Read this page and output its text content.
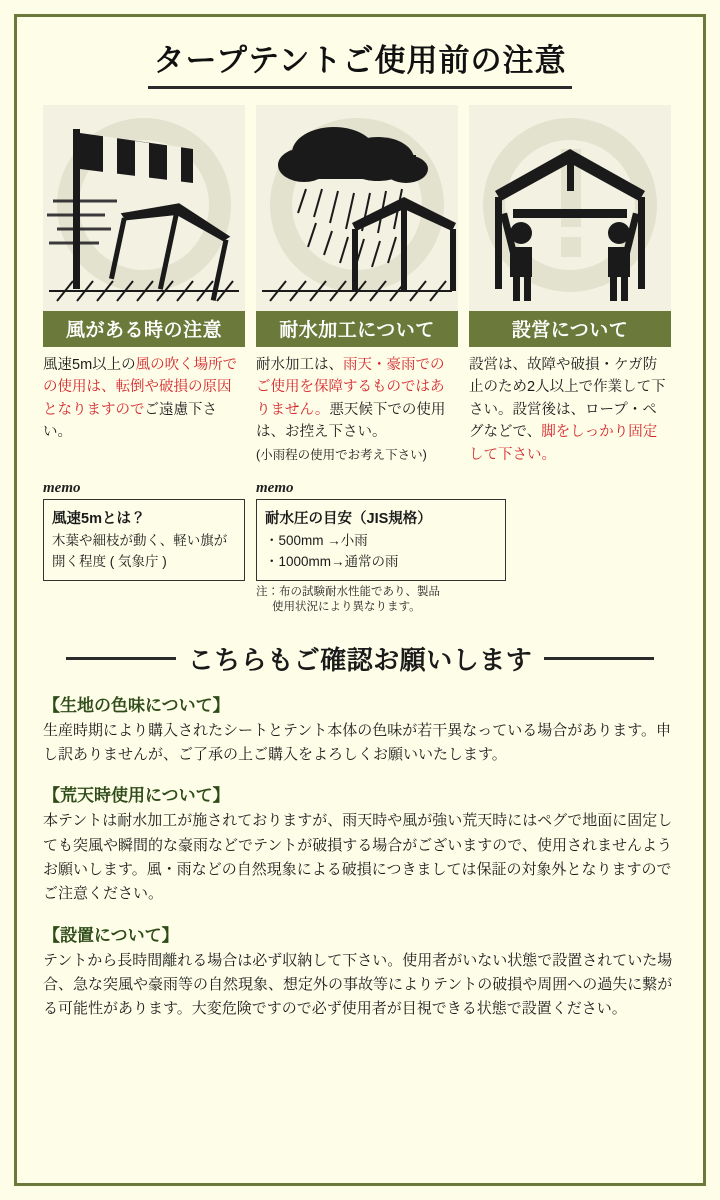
タープテントご使用前の注意
風がある時の注意
風速5m以上の風の吹く場所での使用は、転倒や破損の原因となりますのでご遠慮下さい。
耐水加工について
耐水加工は、雨天・豪雨でのご使用を保障するものではありません。悪天候下での使用は、お控え下さい。
(小雨程の使用でお考え下さい)
設営について
設営は、故障や破損・ケガ防止のため2人以上で作業して下さい。設営後は、ロープ・ペグなどで、脚をしっかり固定して下さい。
memo
風速5mとは？
木葉や細枝が動く、軽い旗が開く程度 ( 気象庁 )
memo
耐水圧の目安（JIS規格）
・500mm →小雨
・1000mm→通常の雨
注：布の試験耐水性能であり、製品
使用状況により異なります。
こちらもご確認お願いします
【生地の色味について】
生産時期により購入されたシートとテント本体の色味が若干異なっている場合があります。申し訳ありませんが、ご了承の上ご購入をよろしくお願いいたします。
【荒天時使用について】
本テントは耐水加工が施されておりますが、雨天時や風が強い荒天時にはペグで地面に固定しても突風や瞬間的な豪雨などでテントが破損する場合がございますので、使用されませんようお願いします。風・雨などの自然現象による破損につきましては保証の対象外となりますのでご注意ください。
【設置について】
テントから長時間離れる場合は必ず収納して下さい。使用者がいない状態で設置されていた場合、急な突風や豪雨等の自然現象、想定外の事故等によりテントの破損や周囲への過失に繋がる可能性があります。大変危険ですので必ず使用者が目視できる状態で設置ください。
